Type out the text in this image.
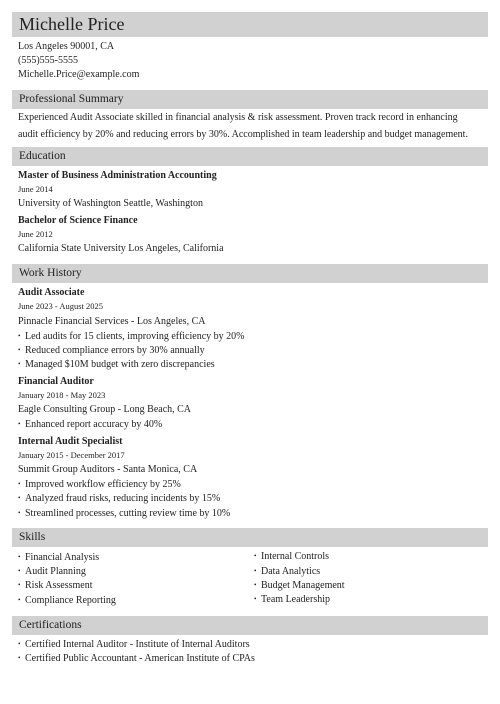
Michelle Price
Los Angeles 90001, CA
(555)555-5555
Michelle.Price@example.com
Professional Summary
Experienced Audit Associate skilled in financial analysis & risk assessment. Proven track record in enhancing audit efficiency by 20% and reducing errors by 30%. Accomplished in team leadership and budget management.
Education
Master of Business Administration Accounting
June 2014
University of Washington Seattle, Washington
Bachelor of Science Finance
June 2012
California State University Los Angeles, California
Work History
Audit Associate
June 2023 - August 2025
Pinnacle Financial Services - Los Angeles, CA
• Led audits for 15 clients, improving efficiency by 20%
• Reduced compliance errors by 30% annually
• Managed $10M budget with zero discrepancies
Financial Auditor
January 2018 - May 2023
Eagle Consulting Group - Long Beach, CA
• Enhanced report accuracy by 40%
Internal Audit Specialist
January 2015 - December 2017
Summit Group Auditors - Santa Monica, CA
• Improved workflow efficiency by 25%
• Analyzed fraud risks, reducing incidents by 15%
• Streamlined processes, cutting review time by 10%
Skills
• Financial Analysis
• Audit Planning
• Risk Assessment
• Compliance Reporting
• Internal Controls
• Data Analytics
• Budget Management
• Team Leadership
Certifications
• Certified Internal Auditor - Institute of Internal Auditors
• Certified Public Accountant - American Institute of CPAs
